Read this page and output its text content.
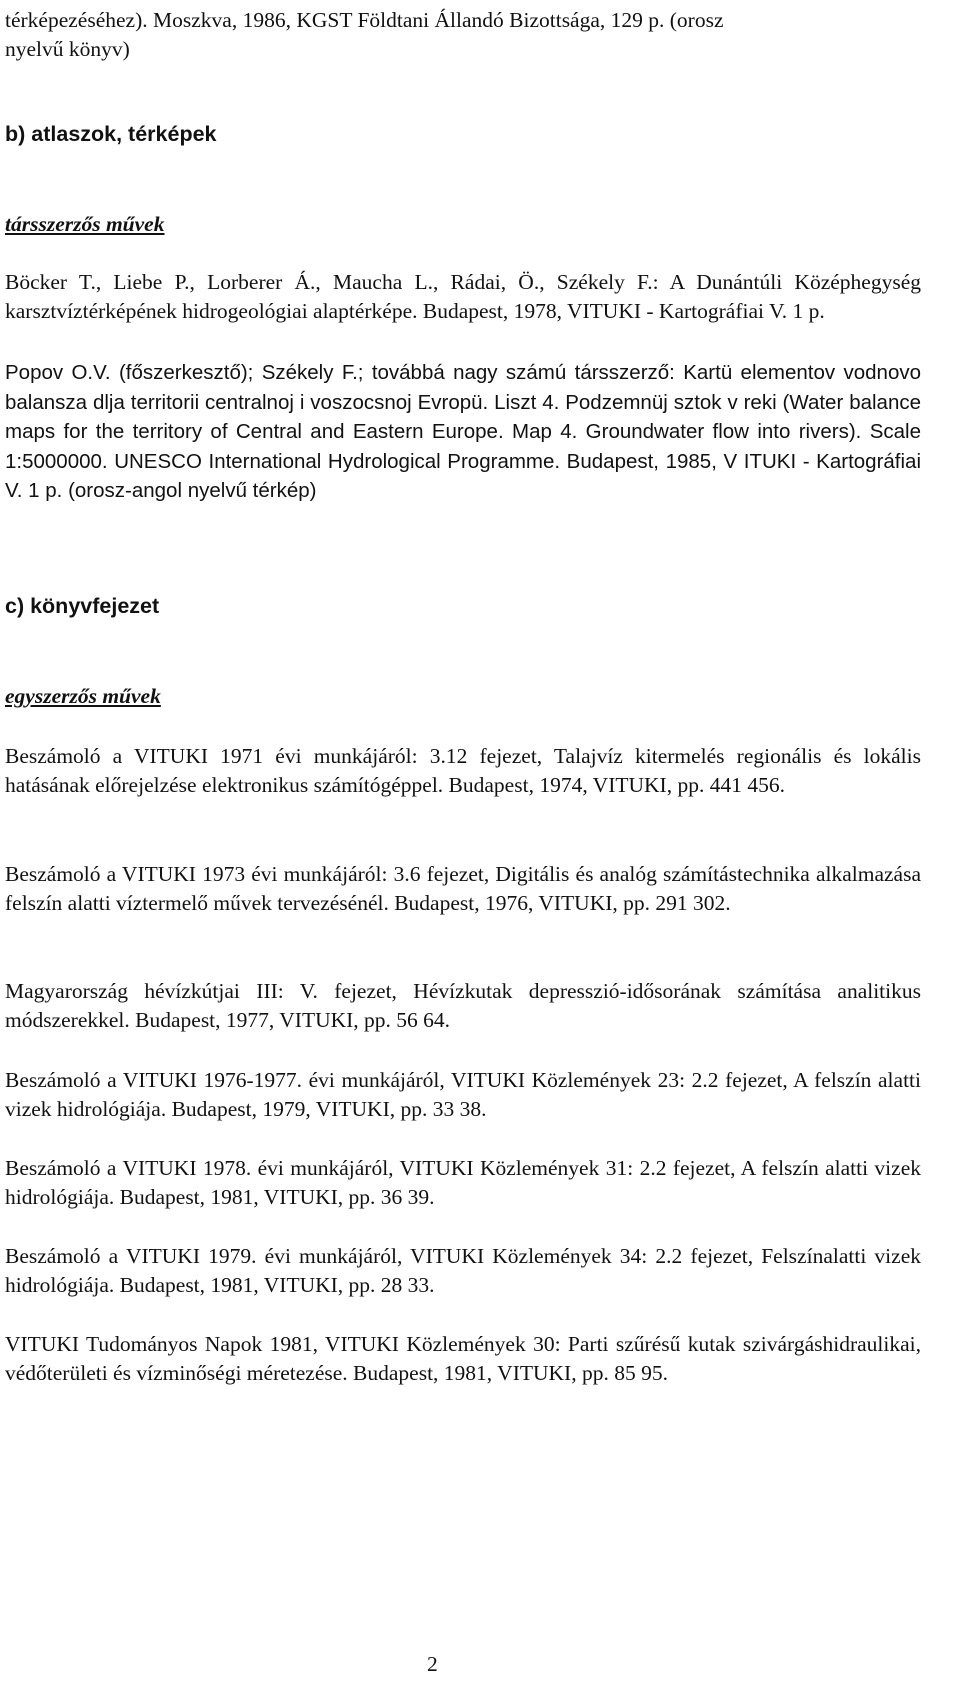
térképezéséhez). Moszkva, 1986, KGST Földtani Állandó Bizottsága, 129 p. (orosz

nyelvű könyv)

b) atlaszok, térképek
társszerzős művek

Böcker T., Liebe P., Lorberer Á., Maucha L., Rádai, Ö., Székely F.: A Dunántúli Középhegység karsztvíztérképének hidrogeológiai alaptérképe. Budapest, 1978, VITUKI - Kartográfiai V. 1 p.

Popov O.V. (főszerkesztő); Székely F.; továbbá nagy számú társszerző: Kartü elementov vodnovo balansza dlja territorii centralnoj i voszocsnoj Evropü. Liszt 4. Podzemnüj sztok v reki (Water balance maps for the territory of Central and Eastern Europe. Map 4. Groundwater flow into rivers). Scale 1:5000000. UNESCO International Hydrological Programme. Budapest, 1985, V ITUKI - Kartográfiai V. 1 p. (orosz-angol nyelvű térkép)

c) könyvfejezet
egyszerzős művek

Beszámoló a VITUKI 1971 évi munkájáról: 3.12 fejezet, Talajvíz kitermelés regionális és lokális hatásának előrejelzése elektronikus számítógéppel. Budapest, 1974, VITUKI, pp. 441 456.

Beszámoló a VITUKI 1973 évi munkájáról: 3.6 fejezet, Digitális és analóg számítástechnika alkalmazása felszín alatti víztermelő művek tervezésénél. Budapest, 1976, VITUKI, pp. 291 302.

Magyarország hévízkútjai III: V. fejezet, Hévízkutak depresszió-idősorának számítása analitikus módszerekkel. Budapest, 1977, VITUKI, pp. 56 64.

Beszámoló a VITUKI 1976-1977. évi munkájáról, VITUKI Közlemények 23: 2.2 fejezet, A felszín alatti vizek hidrológiája. Budapest, 1979, VITUKI, pp. 33 38.

Beszámoló a VITUKI 1978. évi munkájáról, VITUKI Közlemények 31: 2.2 fejezet, A felszín alatti vizek hidrológiája. Budapest, 1981, VITUKI, pp. 36 39.

Beszámoló a VITUKI 1979. évi munkájáról, VITUKI Közlemények 34: 2.2 fejezet, Felszínalatti vizek hidrológiája. Budapest, 1981, VITUKI, pp. 28 33.

VITUKI Tudományos Napok 1981, VITUKI Közlemények 30: Parti szűrésű kutak szivárgáshidraulikai, védőterületi és vízminőségi méretezése. Budapest, 1981, VITUKI, pp. 85 95.

2
